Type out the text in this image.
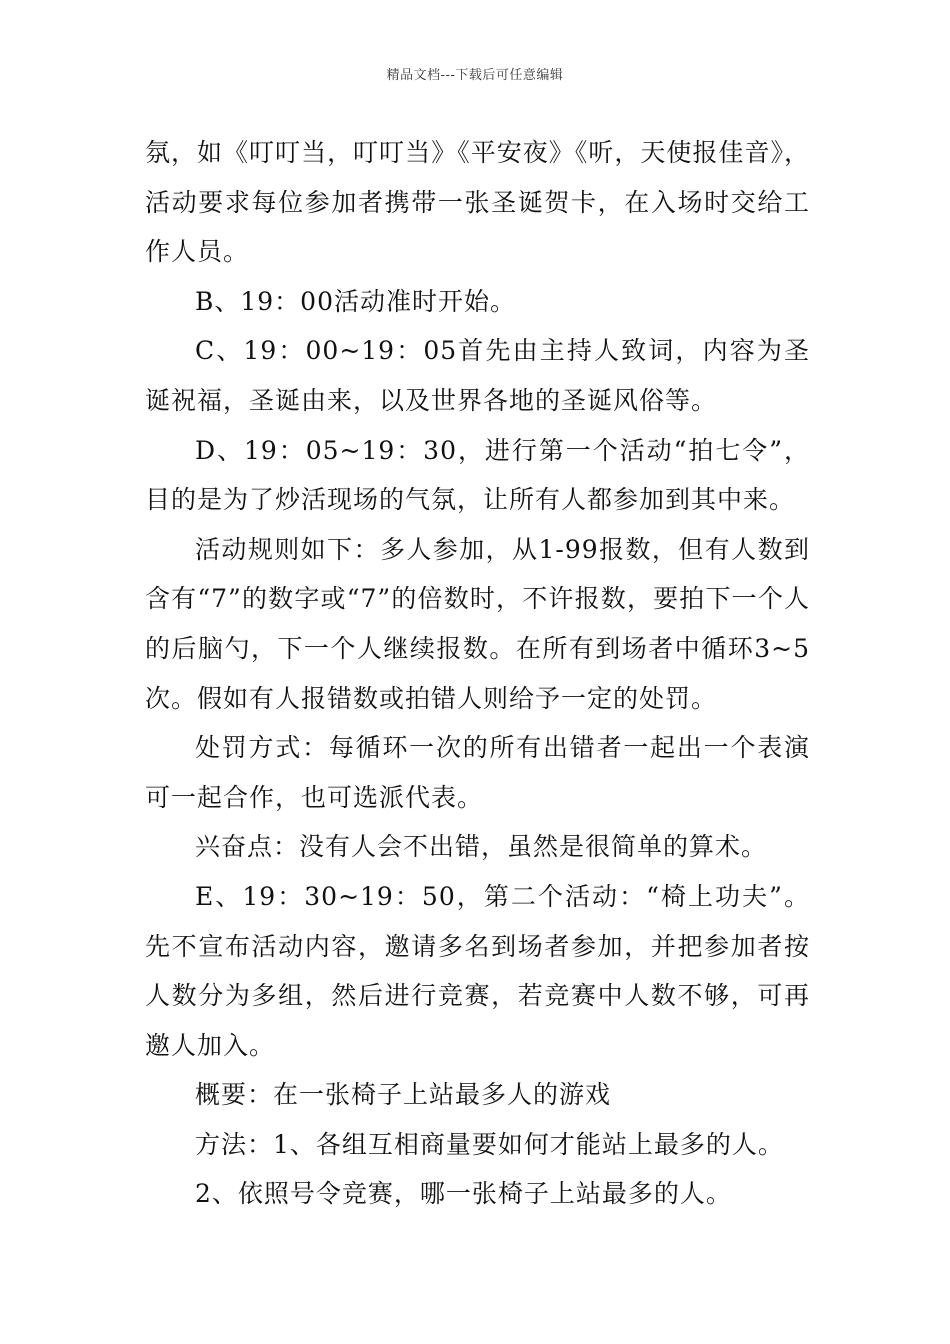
精品文档---下载后可任意编辑

氛，如《叮叮当，叮叮当》《平安夜》《听，天使报佳音》，活动要求每位参加者携带一张圣诞贺卡，在入场时交给工作人员。

B、19：00活动准时开始。

C、19：00~19：05首先由主持人致词，内容为圣诞祝福，圣诞由来，以及世界各地的圣诞风俗等。

D、19：05~19：30，进行第一个活动“拍七令”，目的是为了炒活现场的气氛，让所有人都参加到其中来。

活动规则如下：多人参加，从1-99报数，但有人数到含有“7”的数字或“7”的倍数时，不许报数，要拍下一个人的后脑勺，下一个人继续报数。在所有到场者中循环3~5次。假如有人报错数或拍错人则给予一定的处罚。

处罚方式：每循环一次的所有出错者一起出一个表演可一起合作，也可选派代表。

兴奋点：没有人会不出错，虽然是很简单的算术。

E、19：30~19：50，第二个活动：“椅上功夫”。先不宣布活动内容，邀请多名到场者参加，并把参加者按人数分为多组，然后进行竞赛，若竞赛中人数不够，可再邀人加入。

概要：在一张椅子上站最多人的游戏

方法：1、各组互相商量要如何才能站上最多的人。

2、依照号令竞赛，哪一张椅子上站最多的人。
